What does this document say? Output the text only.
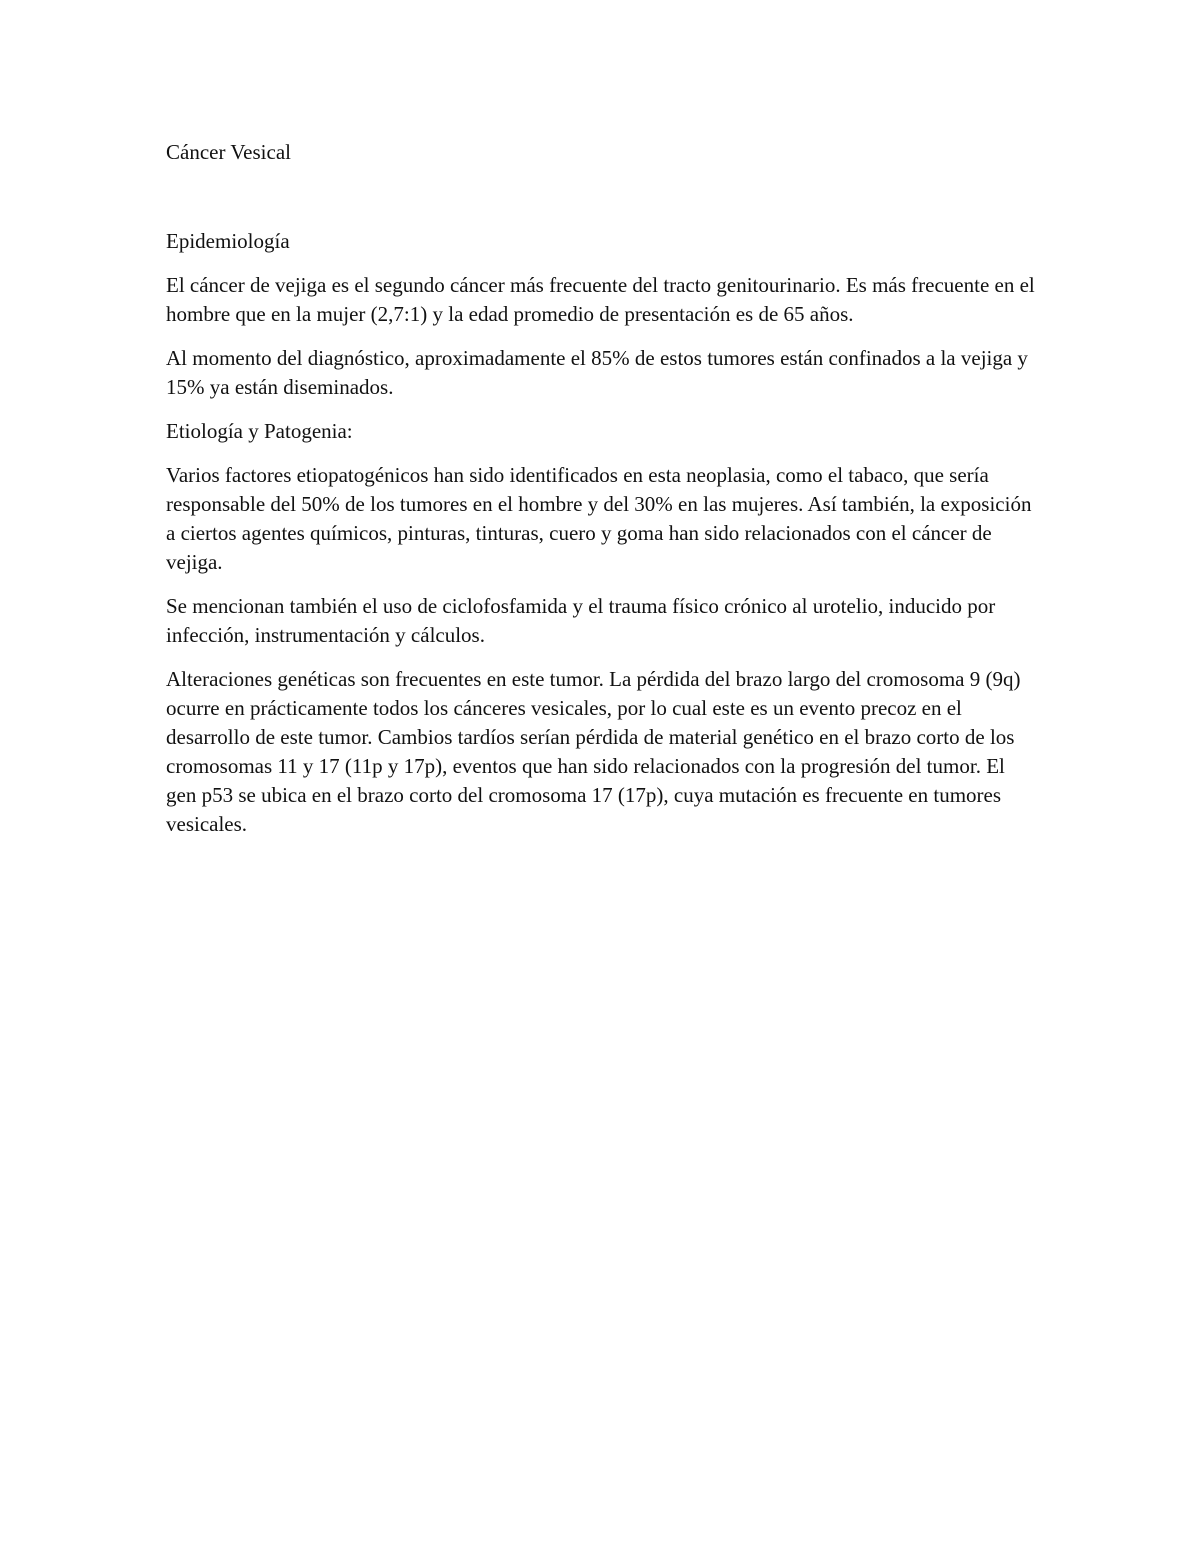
Cáncer Vesical

Epidemiología

El cáncer de vejiga es el segundo cáncer más frecuente del tracto genitourinario. Es más frecuente en el hombre que en la mujer (2,7:1) y la edad promedio de presentación es de 65 años.

Al momento del diagnóstico, aproximadamente el 85% de estos tumores están confinados a la vejiga y 15% ya están diseminados.

Etiología y Patogenia:

Varios factores etiopatogénicos han sido identificados en esta neoplasia, como el tabaco, que sería responsable del 50% de los tumores en el hombre y del 30% en las mujeres. Así también, la exposición a ciertos agentes químicos, pinturas, tinturas, cuero y goma han sido relacionados con el cáncer de vejiga.

Se mencionan también el uso de ciclofosfamida y el trauma físico crónico al urotelio, inducido por infección, instrumentación y cálculos.

Alteraciones genéticas son frecuentes en este tumor. La pérdida del brazo largo del cromosoma 9 (9q) ocurre en prácticamente todos los cánceres vesicales, por lo cual este es un evento precoz en el desarrollo de este tumor. Cambios tardíos serían pérdida de material genético en el brazo corto de los cromosomas 11 y 17 (11p y 17p), eventos que han sido relacionados con la progresión del tumor. El gen p53 se ubica en el brazo corto del cromosoma 17 (17p), cuya mutación es frecuente en tumores vesicales.
